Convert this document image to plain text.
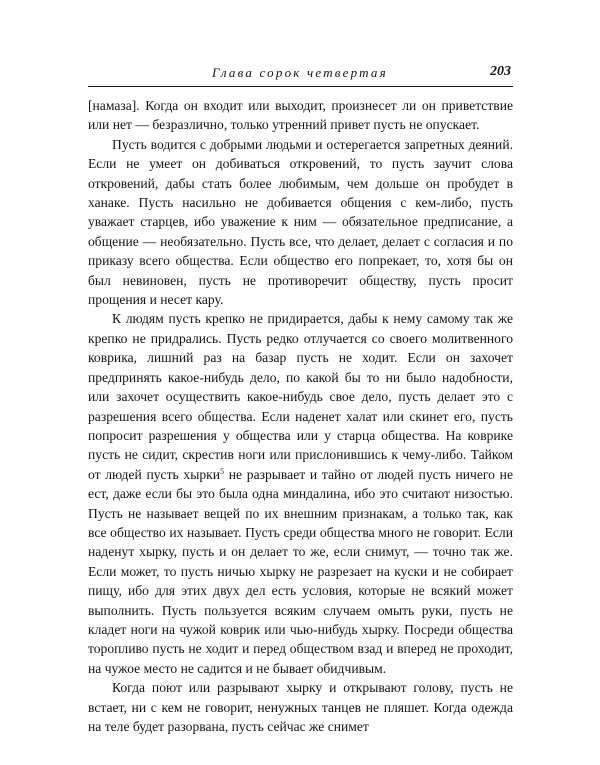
Глава сорок четвертая	203

[намаза]. Когда он входит или выходит, произнесет ли он приветствие или нет — безразлично, только утренний привет пусть не опускает.

Пусть водится с добрыми людьми и остерегается запретных деяний. Если не умеет он добиваться откровений, то пусть заучит слова откровений, дабы стать более любимым, чем дольше он пробудет в ханаке. Пусть насильно не добивается общения с кем-либо, пусть уважает старцев, ибо уважение к ним — обязательное предписание, а общение — необязательно. Пусть все, что делает, делает с согласия и по приказу всего общества. Если общество его попрекает, то, хотя бы он был невиновен, пусть не противоречит обществу, пусть просит прощения и несет кару.

К людям пусть крепко не придирается, дабы к нему самому так же крепко не придрались. Пусть редко отлучается со своего молитвенного коврика, лишний раз на базар пусть не ходит. Если он захочет предпринять какое-нибудь дело, по какой бы то ни было надобности, или захочет осуществить какое-нибудь свое дело, пусть делает это с разрешения всего общества. Если наденет халат или скинет его, пусть попросит разрешения у общества или у старца общества. На коврике пусть не сидит, скрестив ноги или прислонившись к чему-либо. Тайком от людей пусть хырки$^5$ не разрывает и тайно от людей пусть ничего не ест, даже если бы это была одна миндалина, ибо это считают низостью. Пусть не называет вещей по их внешним признакам, а только так, как все общество их называет. Пусть среди общества много не говорит. Если наденут хырку, пусть и он делает то же, если снимут, — точно так же. Если может, то пусть ничью хырку не разрезает на куски и не собирает пищу, ибо для этих двух дел есть условия, которые не всякий может выполнить. Пусть пользуется всяким случаем омыть руки, пусть не кладет ноги на чужой коврик или чью-нибудь хырку. Посреди общества торопливо пусть не ходит и перед обществом взад и вперед не проходит, на чужое место не садится и не бывает обидчивым.

Когда поют или разрывают хырку и открывают голову, пусть не встает, ни с кем не говорит, ненужных танцев не пляшет. Когда одежда на теле будет разорвана, пусть сейчас же снимет
